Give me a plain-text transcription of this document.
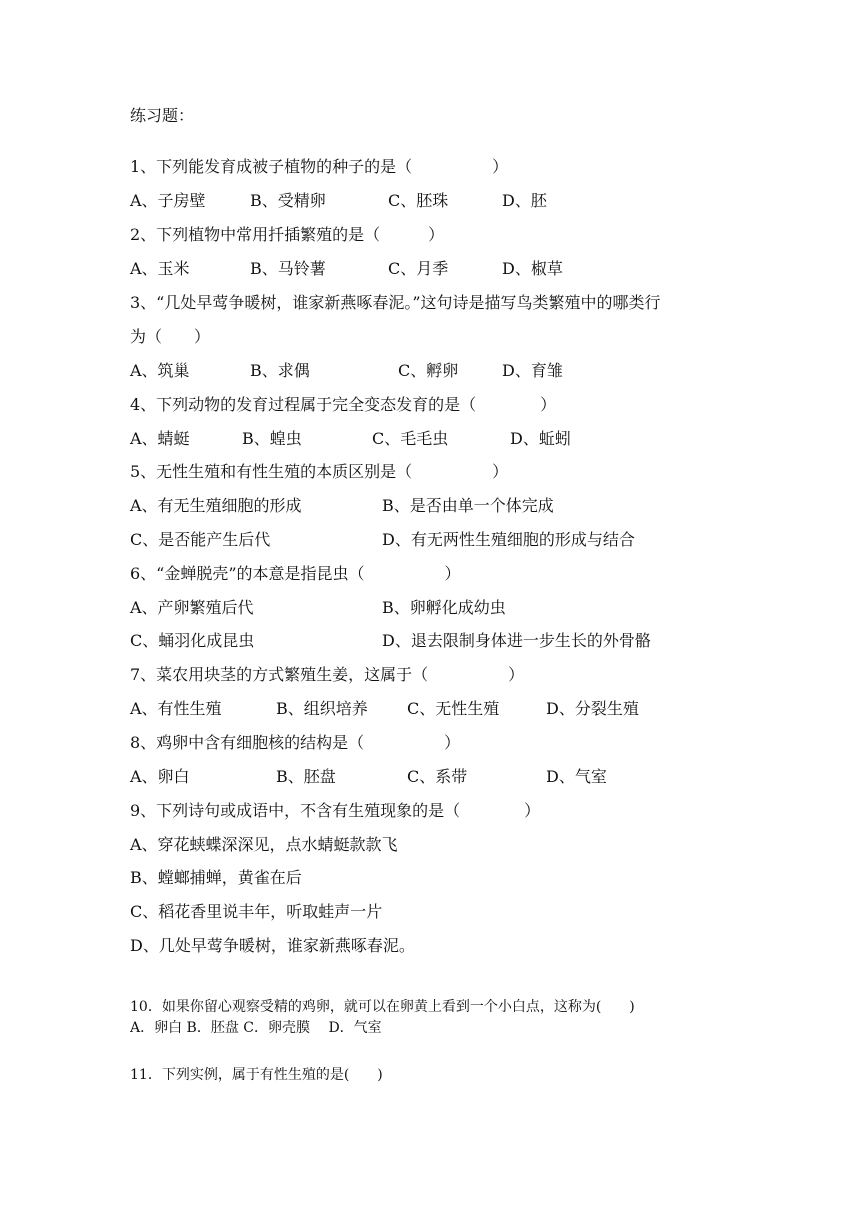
练习题：
1、下列能发育成被子植物的种子的是（　　　　　）
A、子房壁	B、受精卵	C、胚珠	D、胚
2、下列植物中常用扦插繁殖的是（　　　）
A、玉米	B、马铃薯	C、月季	D、椒草
3、“几处早莺争暖树，谁家新燕啄春泥。”这句诗是描写鸟类繁殖中的哪类行
为（　　）
A、筑巢	B、求偶	C、孵卵	D、育雏
4、下列动物的发育过程属于完全变态发育的是（　　　　）
A、蜻蜓	B、蝗虫	C、毛毛虫	D、蚯蚓
5、无性生殖和有性生殖的本质区别是（　　　　　）
A、有无生殖细胞的形成	B、是否由单一个体完成
C、是否能产生后代	D、有无两性生殖细胞的形成与结合
6、“金蝉脱壳”的本意是指昆虫（　　　　　）
A、产卵繁殖后代	B、卵孵化成幼虫
C、蛹羽化成昆虫	D、退去限制身体进一步生长的外骨骼
7、菜农用块茎的方式繁殖生姜，这属于（　　　　　）
A、有性生殖	B、组织培养 C、无性生殖	D、分裂生殖
8、鸡卵中含有细胞核的结构是（　　　　　）
A、卵白	B、胚盘	C、系带	D、气室
9、下列诗句或成语中，不含有生殖现象的是（　　　　）
A、穿花蛱蝶深深见，点水蜻蜓款款飞
B、螳螂捕蝉，黄雀在后
C、稻花香里说丰年，听取蛙声一片
D、几处早莺争暖树，谁家新燕啄春泥。
10．如果你留心观察受精的鸡卵，就可以在卵黄上看到一个小白点，这称为(　　)
A．卵白 B．胚盘 C．卵壳膜　 D．气室
11．下列实例，属于有性生殖的是(　　)
